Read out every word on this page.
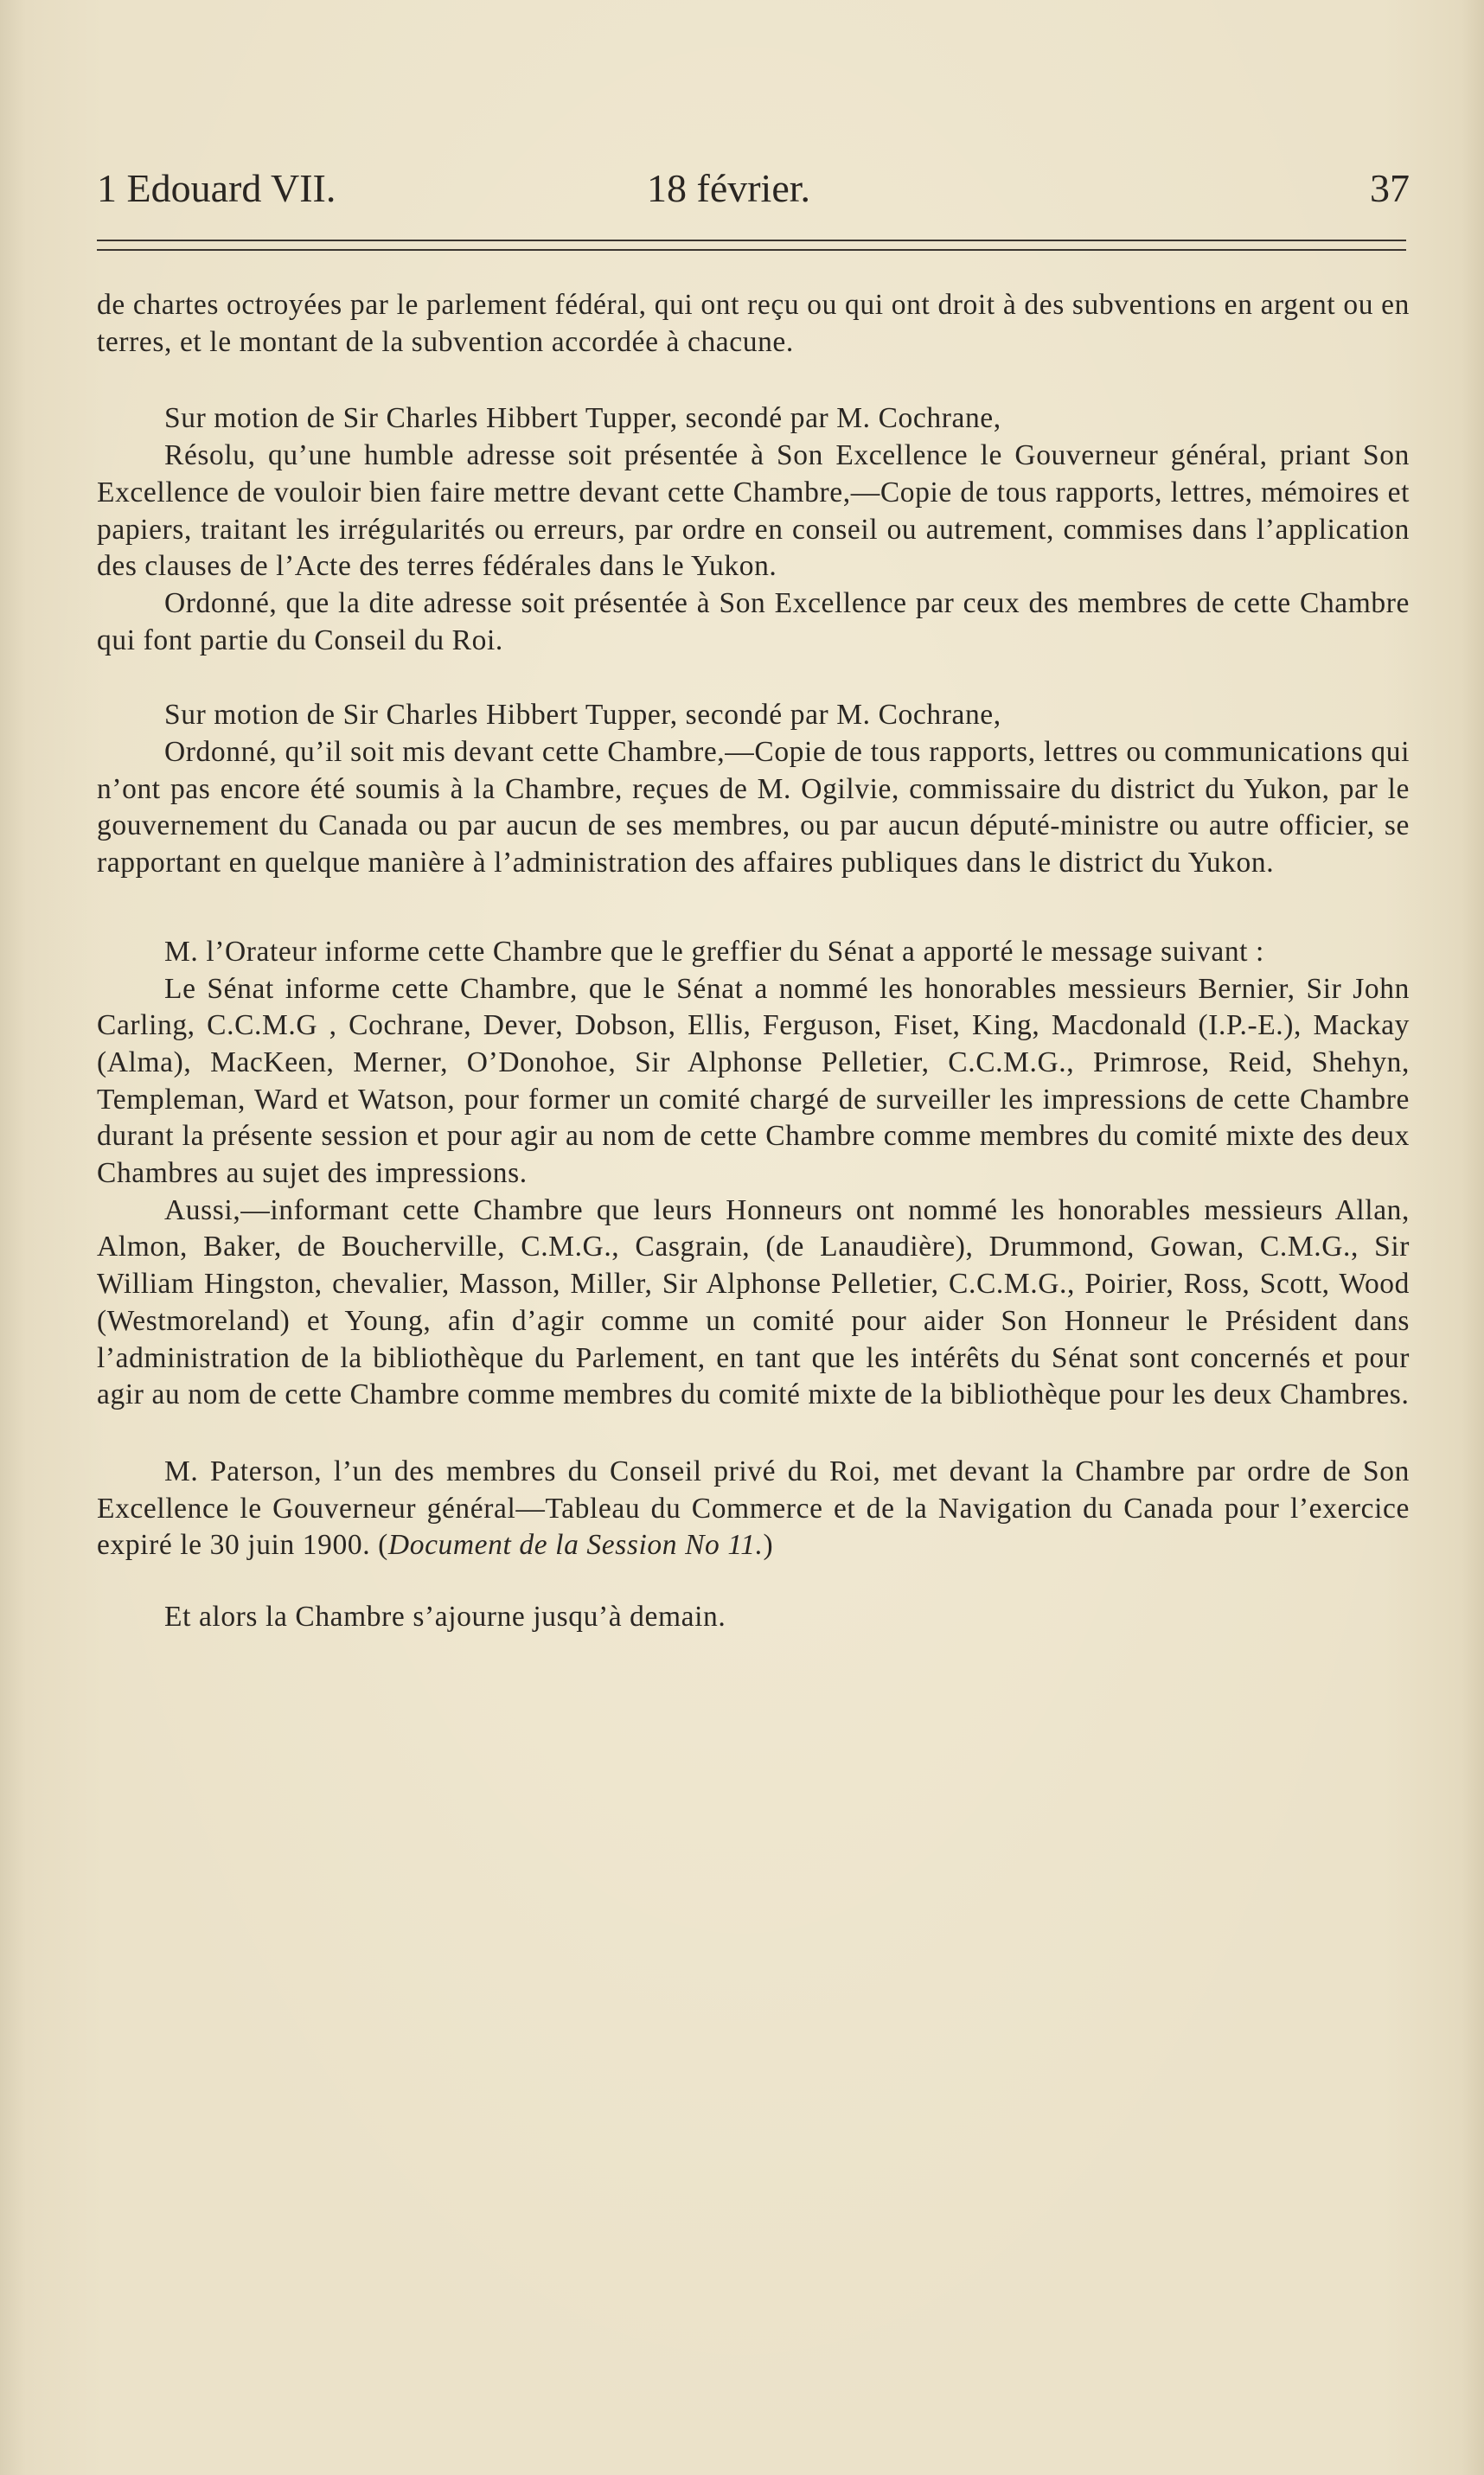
1 Edouard VII.	18 février.	37

de chartes octroyées par le parlement fédéral, qui ont reçu ou qui ont droit à des subventions en argent ou en terres, et le montant de la subvention accordée à chacune.

Sur motion de Sir Charles Hibbert Tupper, secondé par M. Cochrane,

Résolu, qu’une humble adresse soit présentée à Son Excellence le Gouverneur général, priant Son Excellence de vouloir bien faire mettre devant cette Chambre,—Copie de tous rapports, lettres, mémoires et papiers, traitant les irrégularités ou erreurs, par ordre en conseil ou autrement, commises dans l’application des clauses de l’Acte des terres fédérales dans le Yukon.

Ordonné, que la dite adresse soit présentée à Son Excellence par ceux des membres de cette Chambre qui font partie du Conseil du Roi.

Sur motion de Sir Charles Hibbert Tupper, secondé par M. Cochrane,

Ordonné, qu’il soit mis devant cette Chambre,—Copie de tous rapports, lettres ou communications qui n’ont pas encore été soumis à la Chambre, reçues de M. Ogilvie, commissaire du district du Yukon, par le gouvernement du Canada ou par aucun de ses membres, ou par aucun député-ministre ou autre officier, se rapportant en quelque manière à l’administration des affaires publiques dans le district du Yukon.

M. l’Orateur informe cette Chambre que le greffier du Sénat a apporté le message suivant :

Le Sénat informe cette Chambre, que le Sénat a nommé les honorables messieurs Bernier, Sir John Carling, C.C.M.G , Cochrane, Dever, Dobson, Ellis, Ferguson, Fiset, King, Macdonald (I.P.-E.), Mackay (Alma), MacKeen, Merner, O’Donohoe, Sir Alphonse Pelletier, C.C.M.G., Primrose, Reid, Shehyn, Templeman, Ward et Watson, pour former un comité chargé de surveiller les impressions de cette Chambre durant la présente session et pour agir au nom de cette Chambre comme membres du comité mixte des deux Chambres au sujet des impressions.

Aussi,—informant cette Chambre que leurs Honneurs ont nommé les honorables messieurs Allan, Almon, Baker, de Boucherville, C.M.G., Casgrain, (de Lanaudière), Drummond, Gowan, C.M.G., Sir William Hingston, chevalier, Masson, Miller, Sir Alphonse Pelletier, C.C.M.G., Poirier, Ross, Scott, Wood (Westmoreland) et Young, afin d’agir comme un comité pour aider Son Honneur le Président dans l’administration de la bibliothèque du Parlement, en tant que les intérêts du Sénat sont concernés et pour agir au nom de cette Chambre comme membres du comité mixte de la bibliothèque pour les deux Chambres.

M. Paterson, l’un des membres du Conseil privé du Roi, met devant la Chambre par ordre de Son Excellence le Gouverneur général—Tableau du Commerce et de la Navigation du Canada pour l’exercice expiré le 30 juin 1900. (Document de la Session No 11.)

Et alors la Chambre s’ajourne jusqu’à demain.
